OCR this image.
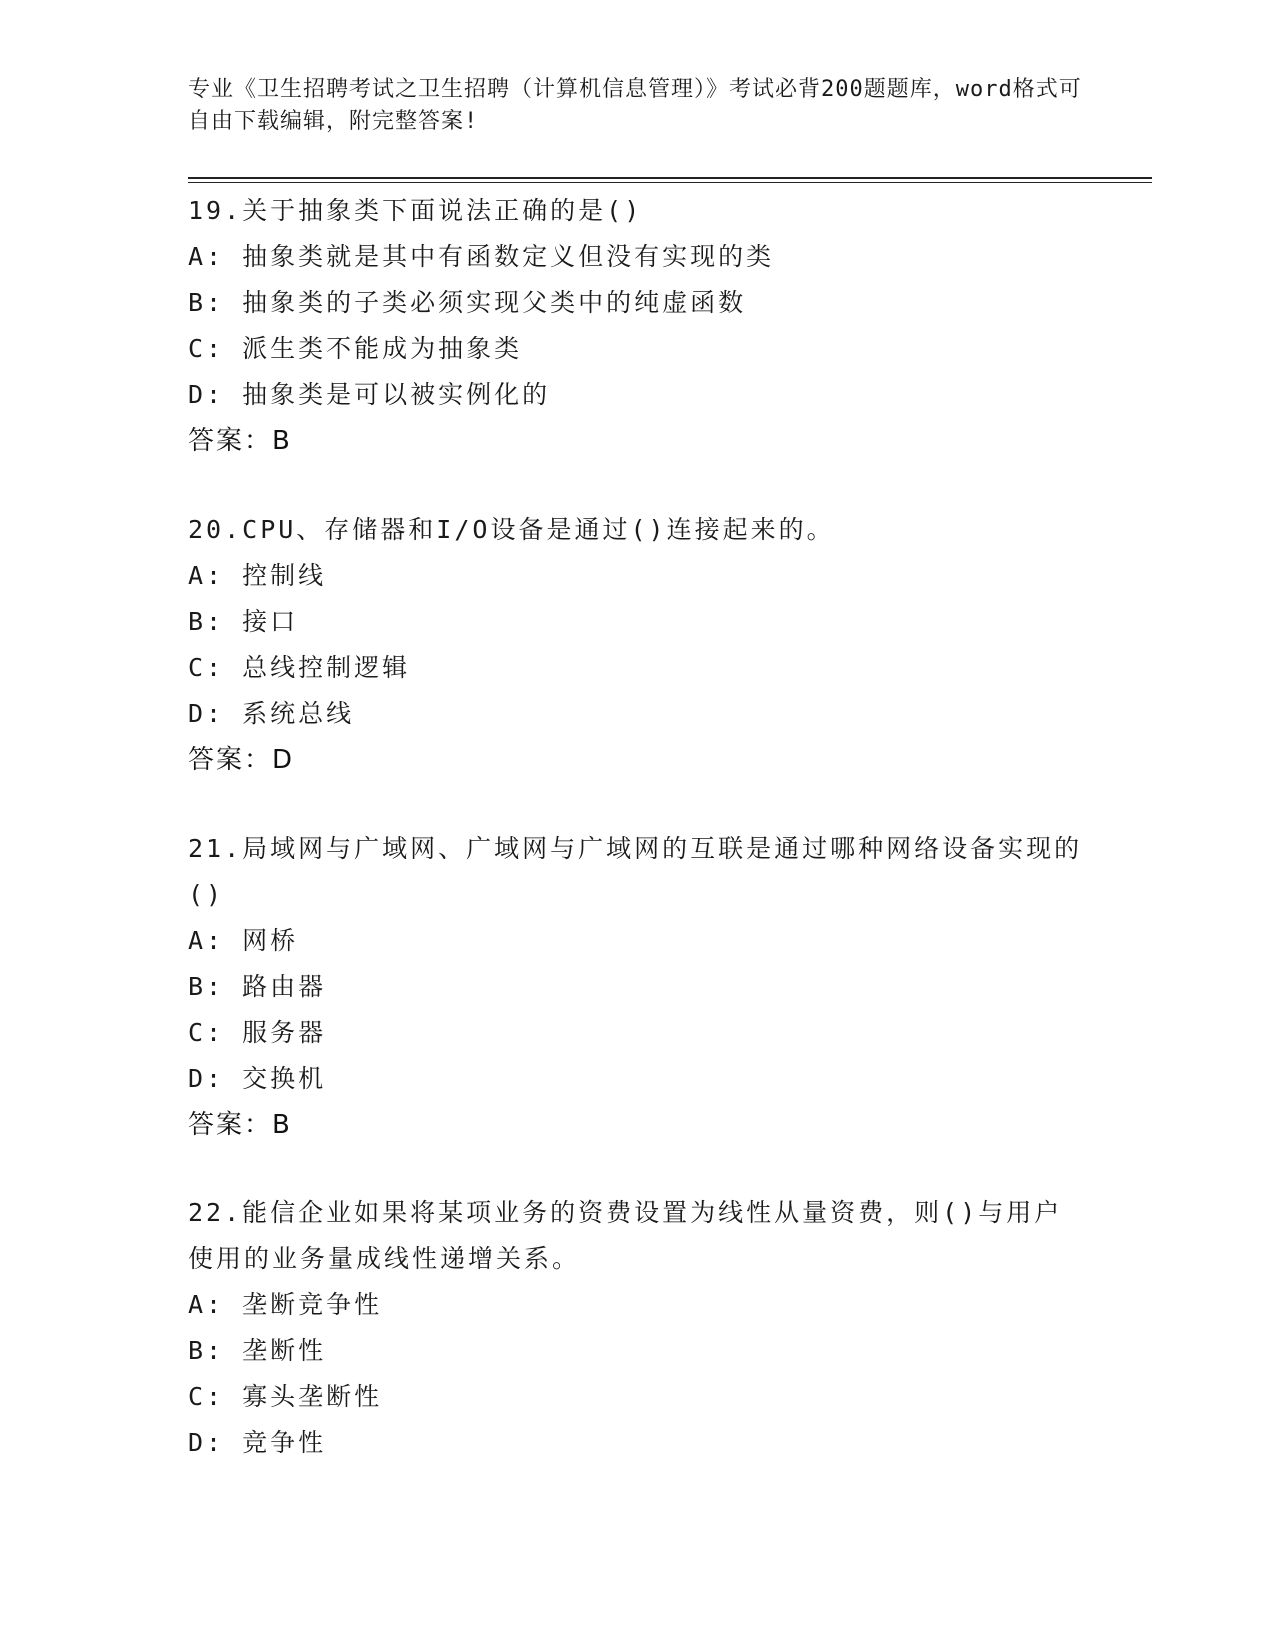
专业《卫生招聘考试之卫生招聘（计算机信息管理）》考试必背200题题库，word格式可自由下载编辑，附完整答案!
19.关于抽象类下面说法正确的是()
A: 抽象类就是其中有函数定义但没有实现的类
B: 抽象类的子类必须实现父类中的纯虚函数
C: 派生类不能成为抽象类
D: 抽象类是可以被实例化的
答案：B
20.CPU、存储器和I/O设备是通过()连接起来的。
A: 控制线
B: 接口
C: 总线控制逻辑
D: 系统总线
答案：D
21.局域网与广域网、广域网与广域网的互联是通过哪种网络设备实现的()
A: 网桥
B: 路由器
C: 服务器
D: 交换机
答案：B
22.能信企业如果将某项业务的资费设置为线性从量资费，则()与用户使用的业务量成线性递增关系。
A: 垄断竞争性
B: 垄断性
C: 寡头垄断性
D: 竞争性
